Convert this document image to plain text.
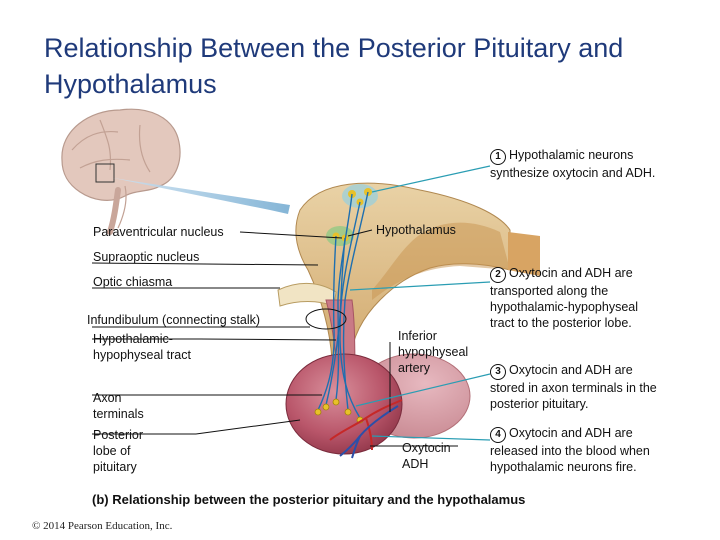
Relationship Between the Posterior Pituitary and Hypothalamus
Paraventricular nucleus	Hypothalamus
Supraoptic nucleus
Optic chiasma
Infundibulum (connecting stalk)
Hypothalamic-hypophyseal tract
Axon terminals
Posterior lobe of pituitary
Inferior hypophyseal artery
Oxytocin ADH
1 Hypothalamic neurons synthesize oxytocin and ADH.
2 Oxytocin and ADH are transported along the hypothalamic-hypophyseal tract to the posterior lobe.
3 Oxytocin and ADH are stored in axon terminals in the posterior pituitary.
4 Oxytocin and ADH are released into the blood when hypothalamic neurons fire.
(b) Relationship between the posterior pituitary and the hypothalamus
© 2014 Pearson Education, Inc.
